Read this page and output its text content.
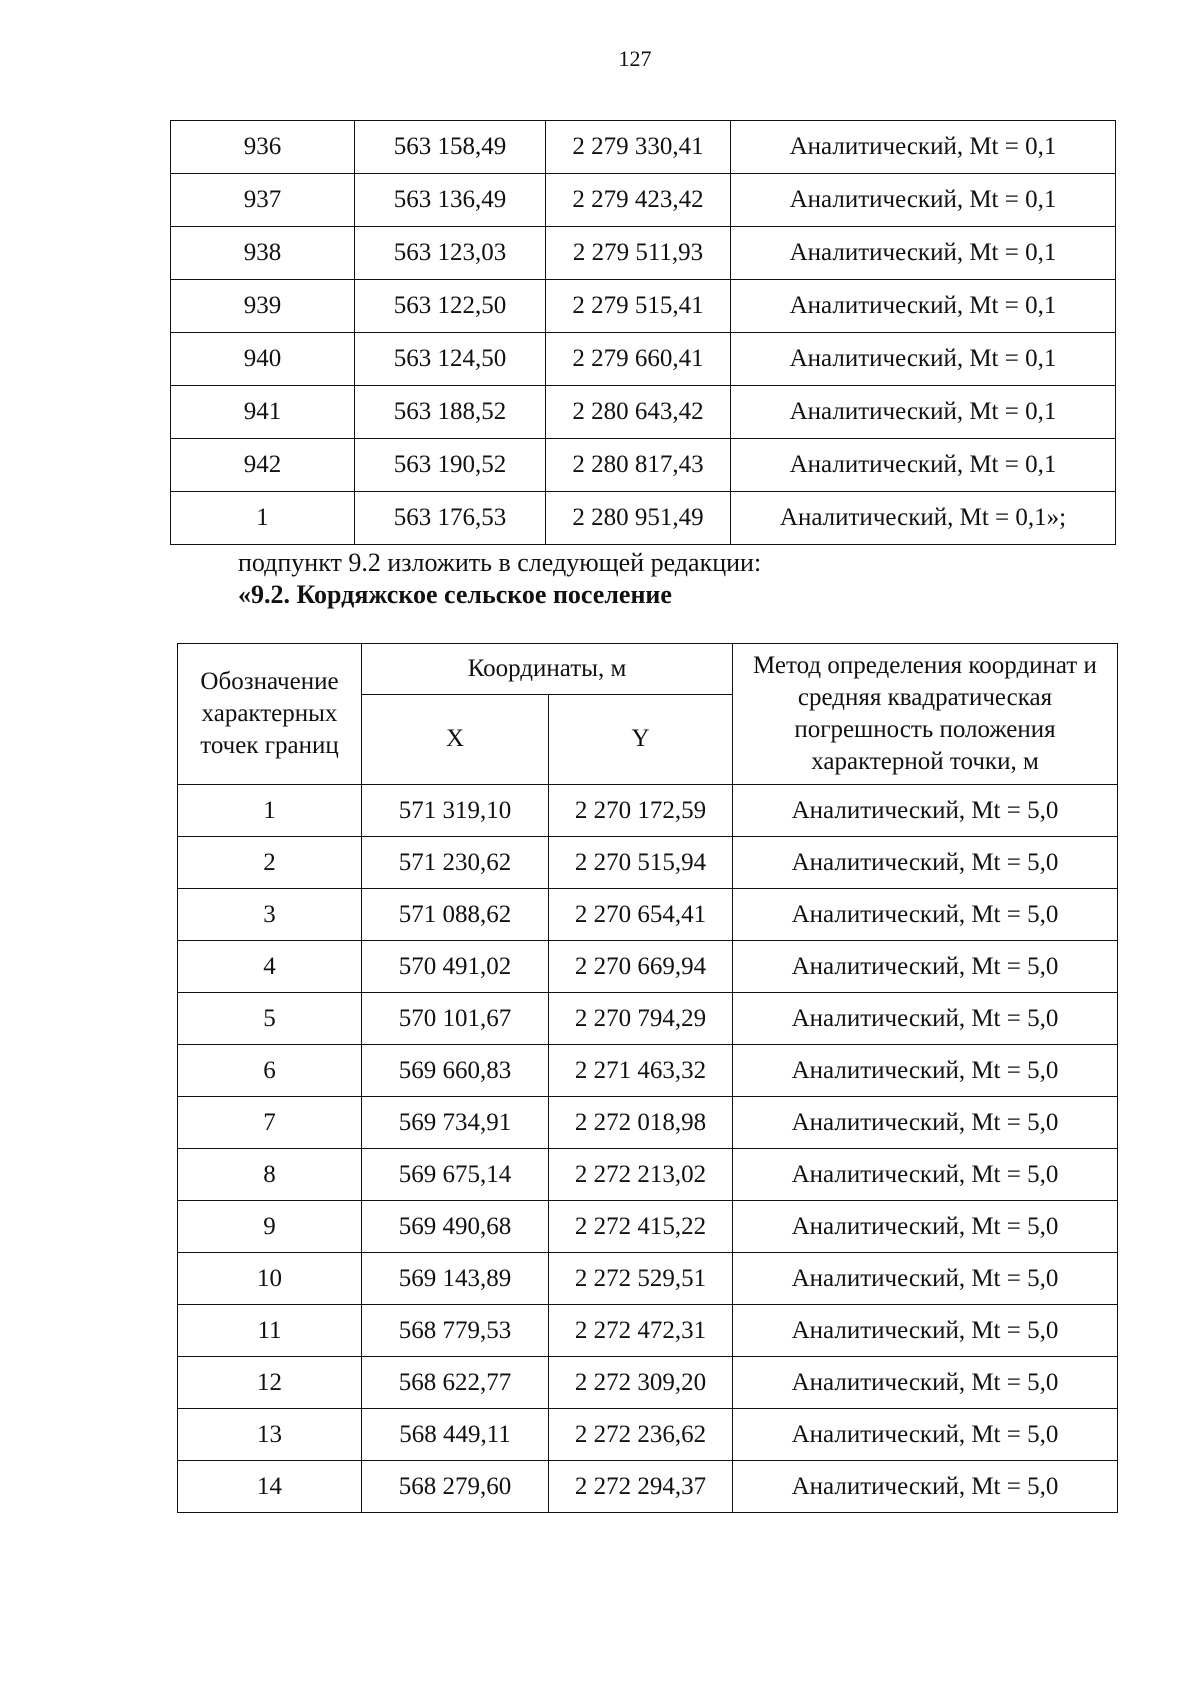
127
936	563 158,49	2 279 330,41	Аналитический, Mt = 0,1
937	563 136,49	2 279 423,42	Аналитический, Mt = 0,1
938	563 123,03	2 279 511,93	Аналитический, Mt = 0,1
939	563 122,50	2 279 515,41	Аналитический, Mt = 0,1
940	563 124,50	2 279 660,41	Аналитический, Mt = 0,1
941	563 188,52	2 280 643,42	Аналитический, Mt = 0,1
942	563 190,52	2 280 817,43	Аналитический, Mt = 0,1
1	563 176,53	2 280 951,49	Аналитический, Mt = 0,1»;
подпункт 9.2 изложить в следующей редакции:
«9.2. Кордяжское сельское поселение
Обозначение характерных точек границ	Координаты, м		Метод определения координат и средняя квадратическая погрешность положения характерной точки, м
	X	Y	
1	571 319,10	2 270 172,59	Аналитический, Mt = 5,0
2	571 230,62	2 270 515,94	Аналитический, Mt = 5,0
3	571 088,62	2 270 654,41	Аналитический, Mt = 5,0
4	570 491,02	2 270 669,94	Аналитический, Mt = 5,0
5	570 101,67	2 270 794,29	Аналитический, Mt = 5,0
6	569 660,83	2 271 463,32	Аналитический, Mt = 5,0
7	569 734,91	2 272 018,98	Аналитический, Mt = 5,0
8	569 675,14	2 272 213,02	Аналитический, Mt = 5,0
9	569 490,68	2 272 415,22	Аналитический, Mt = 5,0
10	569 143,89	2 272 529,51	Аналитический, Mt = 5,0
11	568 779,53	2 272 472,31	Аналитический, Mt = 5,0
12	568 622,77	2 272 309,20	Аналитический, Mt = 5,0
13	568 449,11	2 272 236,62	Аналитический, Mt = 5,0
14	568 279,60	2 272 294,37	Аналитический, Mt = 5,0
